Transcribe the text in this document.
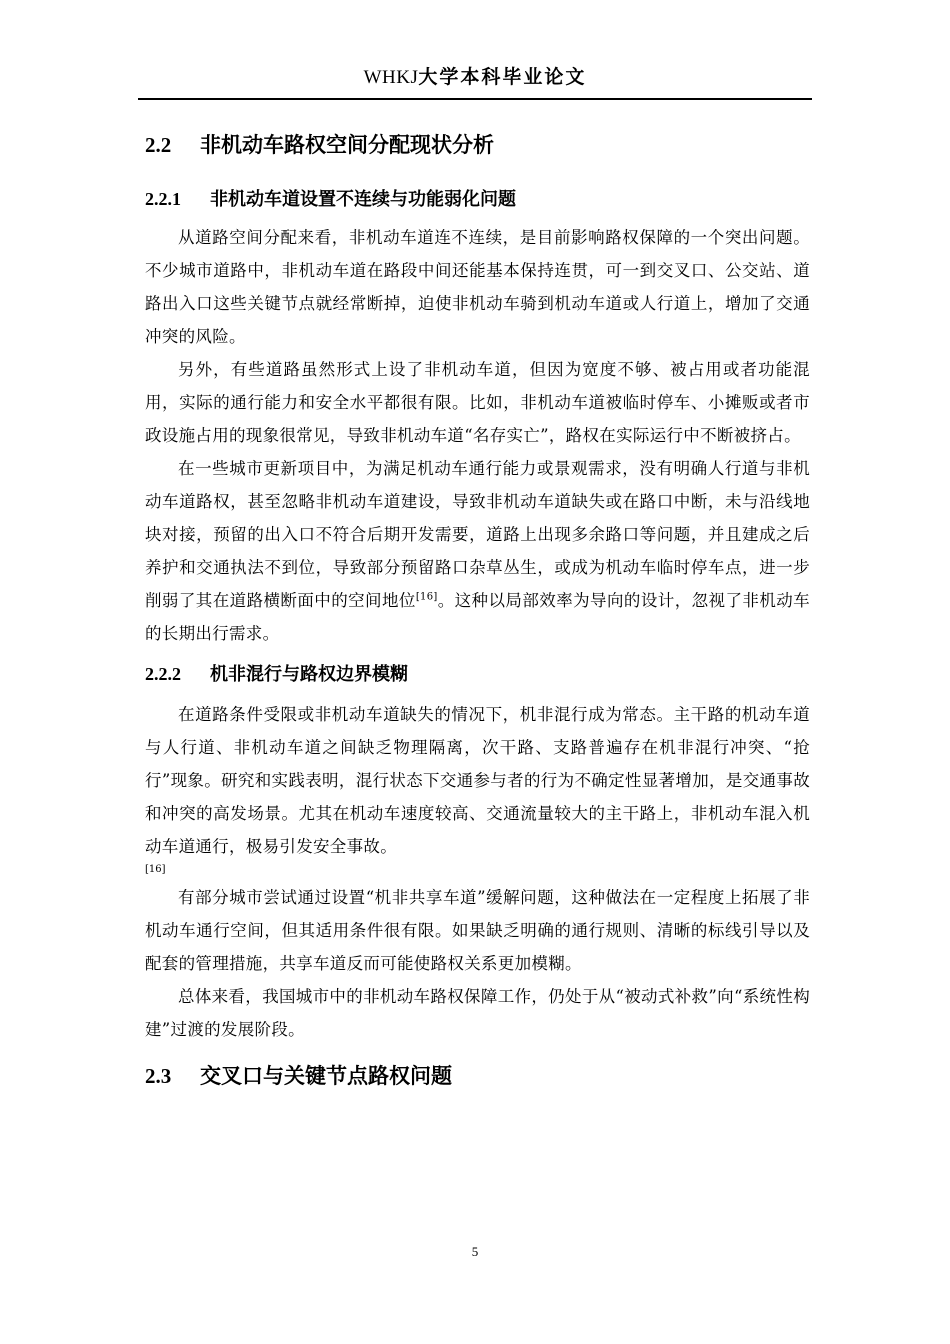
WHKJ大学本科毕业论文
2.2 非机动车路权空间分配现状分析
2.2.1 非机动车道设置不连续与功能弱化问题

从道路空间分配来看，非机动车道连不连续，是目前影响路权保障的一个突出问题。不少城市道路中，非机动车道在路段中间还能基本保持连贯，可一到交叉口、公交站、道路出入口这些关键节点就经常断掉，迫使非机动车骑到机动车道或人行道上，增加了交通冲突的风险。

另外，有些道路虽然形式上设了非机动车道，但因为宽度不够、被占用或者功能混用，实际的通行能力和安全水平都很有限。比如，非机动车道被临时停车、小摊贩或者市政设施占用的现象很常见，导致非机动车道“名存实亡”，路权在实际运行中不断被挤占。

在一些城市更新项目中，为满足机动车通行能力或景观需求，没有明确人行道与非机动车道路权，甚至忽略非机动车道建设，导致非机动车道缺失或在路口中断，未与沿线地块对接，预留的出入口不符合后期开发需要，道路上出现多余路口等问题，并且建成之后养护和交通执法不到位，导致部分预留路口杂草丛生，或成为机动车临时停车点，进一步削弱了其在道路横断面中的空间地位[16]。这种以局部效率为导向的设计，忽视了非机动车的长期出行需求。

2.2.2 机非混行与路权边界模糊

在道路条件受限或非机动车道缺失的情况下，机非混行成为常态。主干路的机动车道与人行道、非机动车道之间缺乏物理隔离，次干路、支路普遍存在机非混行冲突、“抢行”现象。研究和实践表明，混行状态下交通参与者的行为不确定性显著增加，是交通事故和冲突的高发场景。尤其在机动车速度较高、交通流量较大的主干路上，非机动车混入机动车道通行，极易引发安全事故。

[16]

有部分城市尝试通过设置“机非共享车道”缓解问题，这种做法在一定程度上拓展了非机动车通行空间，但其适用条件很有限。如果缺乏明确的通行规则、清晰的标线引导以及配套的管理措施，共享车道反而可能使路权关系更加模糊。

总体来看，我国城市中的非机动车路权保障工作，仍处于从“被动式补救”向“系统性构建”过渡的发展阶段。

2.3 交叉口与关键节点路权问题
5
